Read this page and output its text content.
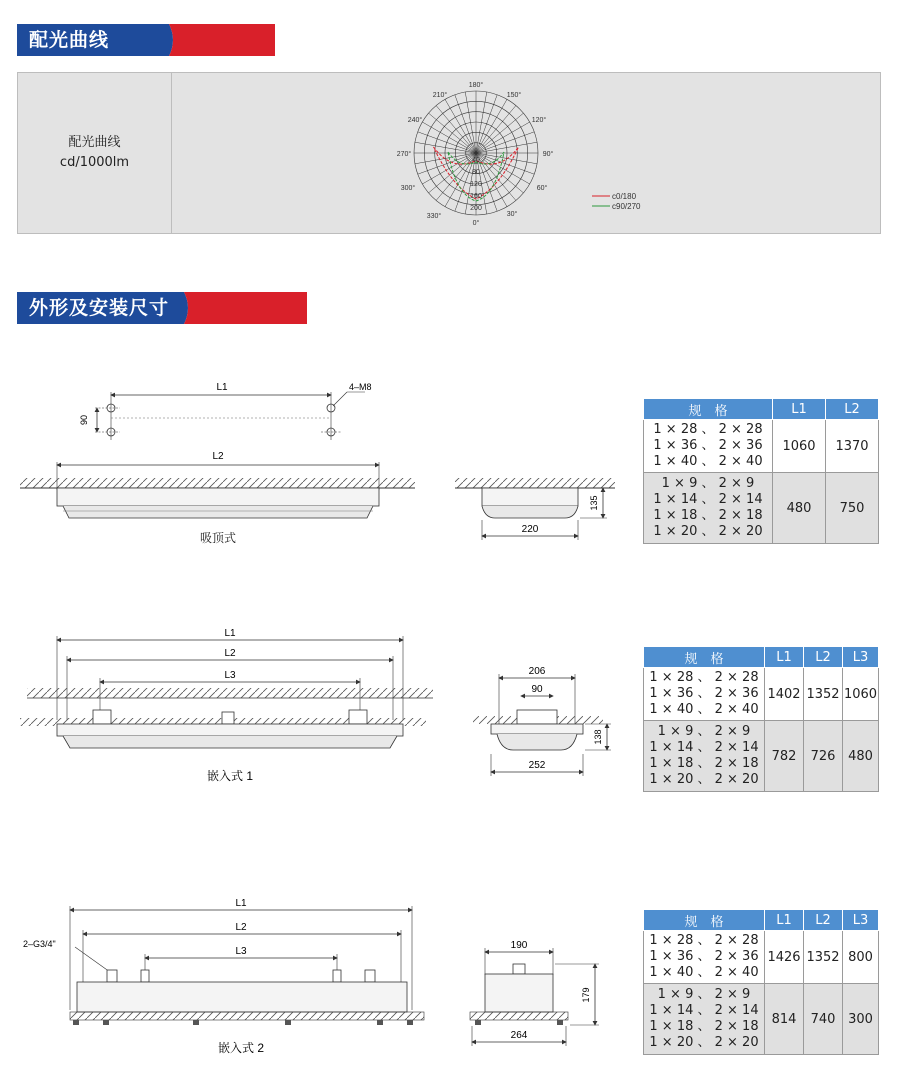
配光曲线
配光曲线
cd/1000lm
180°
210°	150°
240°	120°
270°	90°
300°	60°
330°	30°
0°
40
80
120
160
200
c0/180
c90/270
外形及安装尺寸
L1
90
4–M8
L2
吸顶式
220
135
规　格	L1	L2

1 × 28 、 2 × 28
1 × 36 、 2 × 36
1 × 40 、 2 × 40	1060	1370

1 × 9 、 2 × 9
1 × 14 、 2 × 14
1 × 18 、 2 × 18
1 × 20 、 2 × 20	480	750
L1
L2
L3
嵌入式 1
206
90
252
138
规　格	L1	L2	L3

1 × 28 、 2 × 28
1 × 36 、 2 × 36
1 × 40 、 2 × 40	1402	1352	1060

1 × 9 、 2 × 9
1 × 14 、 2 × 14
1 × 18 、 2 × 18
1 × 20 、 2 × 20	782	726	480
L1
L2
L3
2–G3/4"
嵌入式 2
190
264
179
规　格	L1	L2	L3

1 × 28 、 2 × 28
1 × 36 、 2 × 36
1 × 40 、 2 × 40	1426	1352	800

1 × 9 、 2 × 9
1 × 14 、 2 × 14
1 × 18 、 2 × 18
1 × 20 、 2 × 20	814	740	300
